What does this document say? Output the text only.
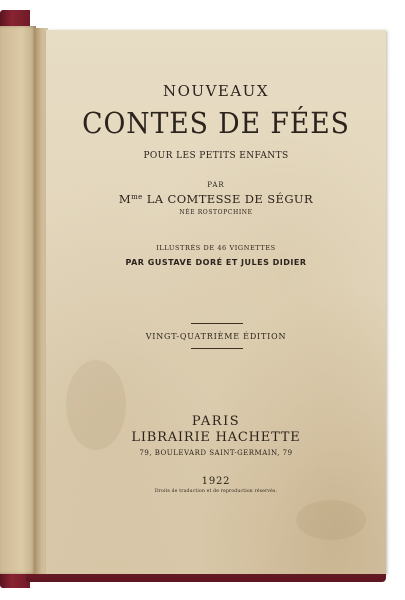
NOUVEAUX
CONTES DE FÉES
POUR LES PETITS ENFANTS
PAR
$M^{me}$ LA COMTESSE DE SÉGUR
NÉE ROSTOPCHINE
ILLUSTRÉS DE 46 VIGNETTES
PAR GUSTAVE DORÉ ET JULES DIDIER
VINGT-QUATRIÈME ÉDITION
PARIS
LIBRAIRIE HACHETTE
79, BOULEVARD SAINT-GERMAIN, 79
1922
Droits de traduction et de reproduction réservés.
